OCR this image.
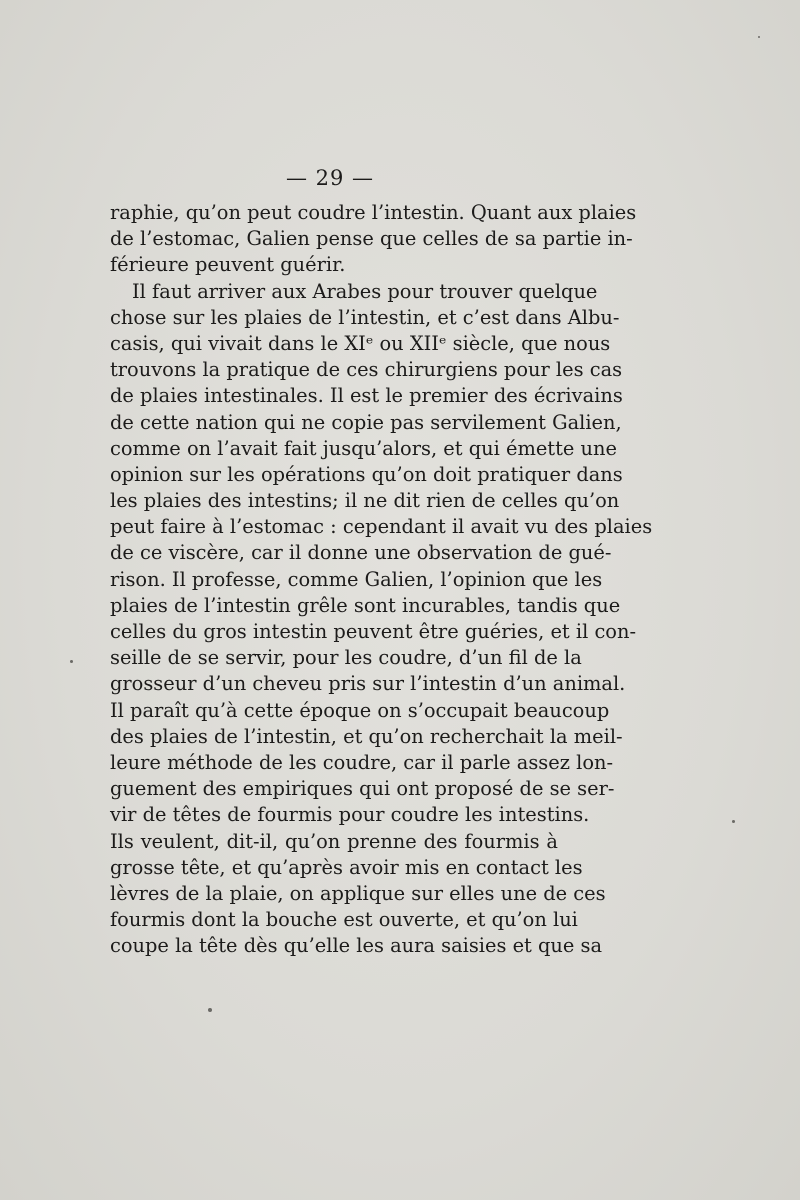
— 29 —
raphie, qu’on peut coudre l’intestin. Quant aux plaies
de l’estomac, Galien pense que celles de sa partie in-
férieure peuvent guérir.
Il faut arriver aux Arabes pour trouver quelque
chose sur les plaies de l’intestin, et c’est dans Albu-
casis, qui vivait dans le XIᵉ ou XIIᵉ siècle, que nous
trouvons la pratique de ces chirurgiens pour les cas
de plaies intestinales. Il est le premier des écrivains
de cette nation qui ne copie pas servilement Galien,
comme on l’avait fait jusqu’alors, et qui émette une
opinion sur les opérations qu’on doit pratiquer dans
les plaies des intestins; il ne dit rien de celles qu’on
peut faire à l’estomac : cependant il avait vu des plaies
de ce viscère, car il donne une observation de gué-
rison. Il professe, comme Galien, l’opinion que les
plaies de l’intestin grêle sont incurables, tandis que
celles du gros intestin peuvent être guéries, et il con-
seille de se servir, pour les coudre, d’un fil de la
grosseur d’un cheveu pris sur l’intestin d’un animal.
Il paraît qu’à cette époque on s’occupait beaucoup
des plaies de l’intestin, et qu’on recherchait la meil-
leure méthode de les coudre, car il parle assez lon-
guement des empiriques qui ont proposé de se ser-
vir de têtes de fourmis pour coudre les intestins.
Ils veulent, dit-il, qu’on prenne des fourmis à
grosse tête, et qu’après avoir mis en contact les
lèvres de la plaie, on applique sur elles une de ces
fourmis dont la bouche est ouverte, et qu’on lui
coupe la tête dès qu’elle les aura saisies et que sa
